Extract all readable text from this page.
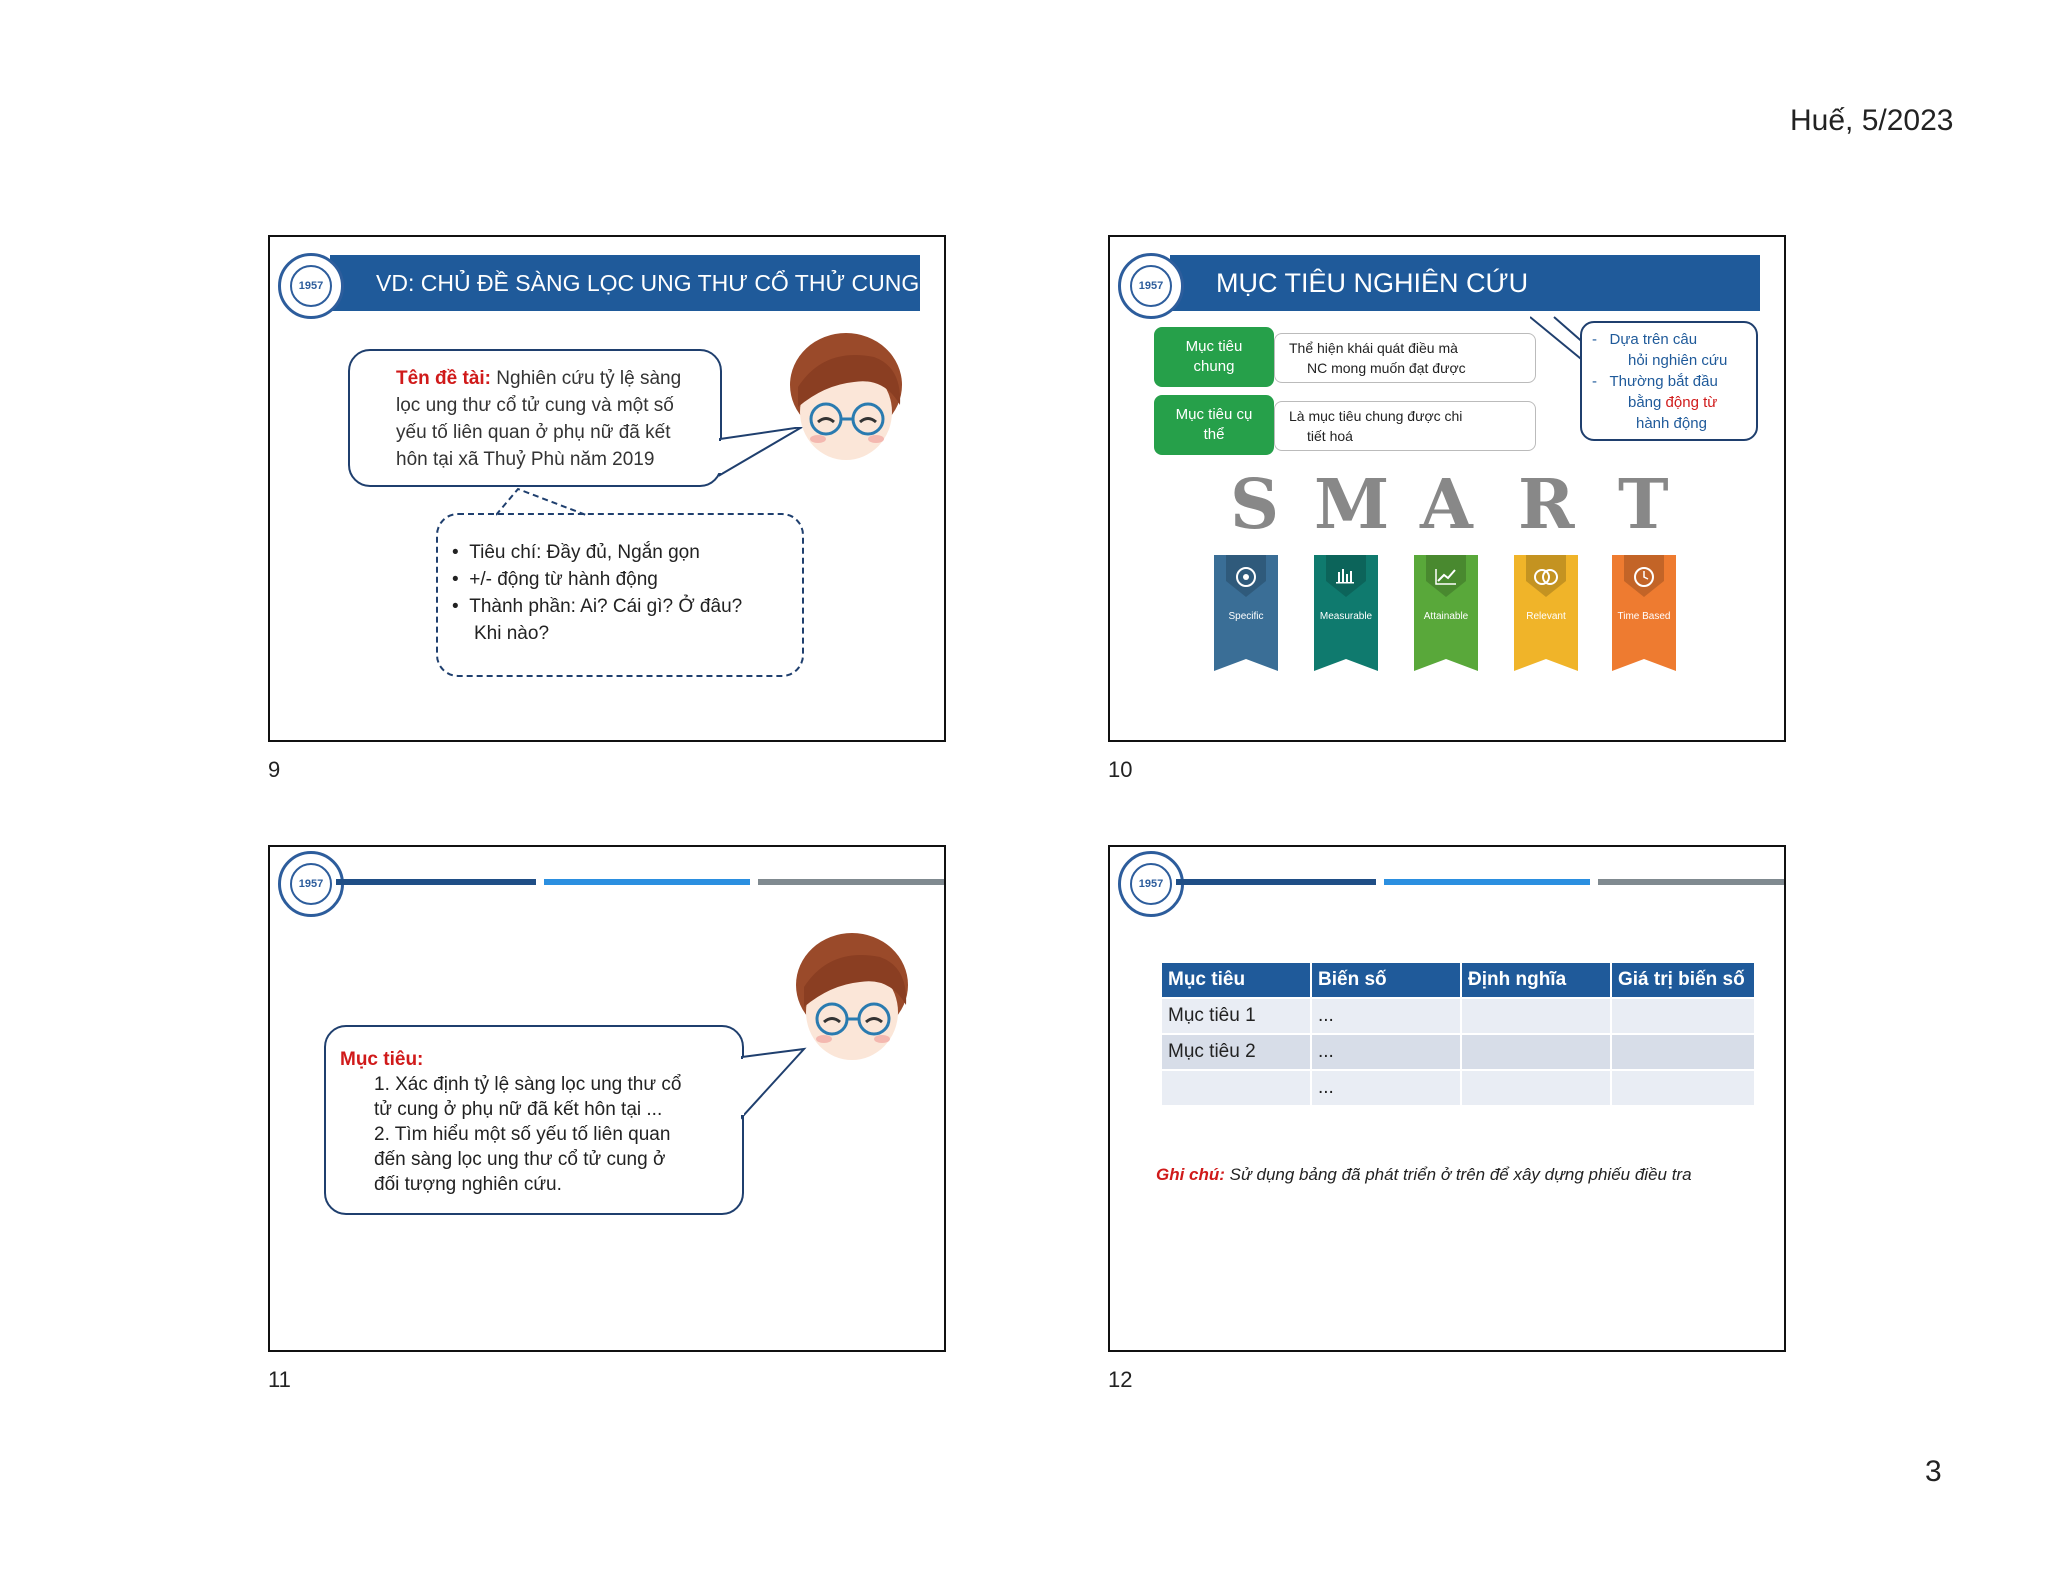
Huế, 5/2023
3
VD: CHỦ ĐỀ SÀNG LỌC UNG THƯ CỔ THỬ CUNG
1957
Tên đề tài: Nghiên cứu tỷ lệ sàng
lọc ung thư cổ tử cung và một số
yếu tố liên quan ở phụ nữ đã kết
hôn tại xã Thuỷ Phù năm 2019
•  Tiêu chí: Đầy đủ, Ngắn gọn
•  +/- động từ hành động
•  Thành phần: Ai? Cái gì? Ở đâu?
Khi nào?
9
MỤC TIÊU NGHIÊN CỨU
1957
Mục tiêu
chung
Thể hiện khái quát điều mà
NC mong muốn đạt được
Mục tiêu cụ
thể
Là mục tiêu chung được chi
tiết hoá
-   Dựa trên câu
hỏi nghiên cứu
-   Thường bắt đầu
bằng động từ
hành động
S M A R T
Specific	Measurable	Attainable	Relevant	Time Based
10
1957
Mục tiêu:
1. Xác định tỷ lệ sàng lọc ung thư cổ
tử cung ở phụ nữ đã kết hôn tại ...
2. Tìm hiểu một số yếu tố liên quan
đến sàng lọc ung thư cổ tử cung ở
đối tượng nghiên cứu.
11
1957
Mục tiêu	Biến số	Định nghĩa	Giá trị biến số
Mục tiêu 1	...		
Mục tiêu 2	...		
	...		
Ghi chú: Sử dụng bảng đã phát triển ở trên để xây dựng phiếu điều tra
12
